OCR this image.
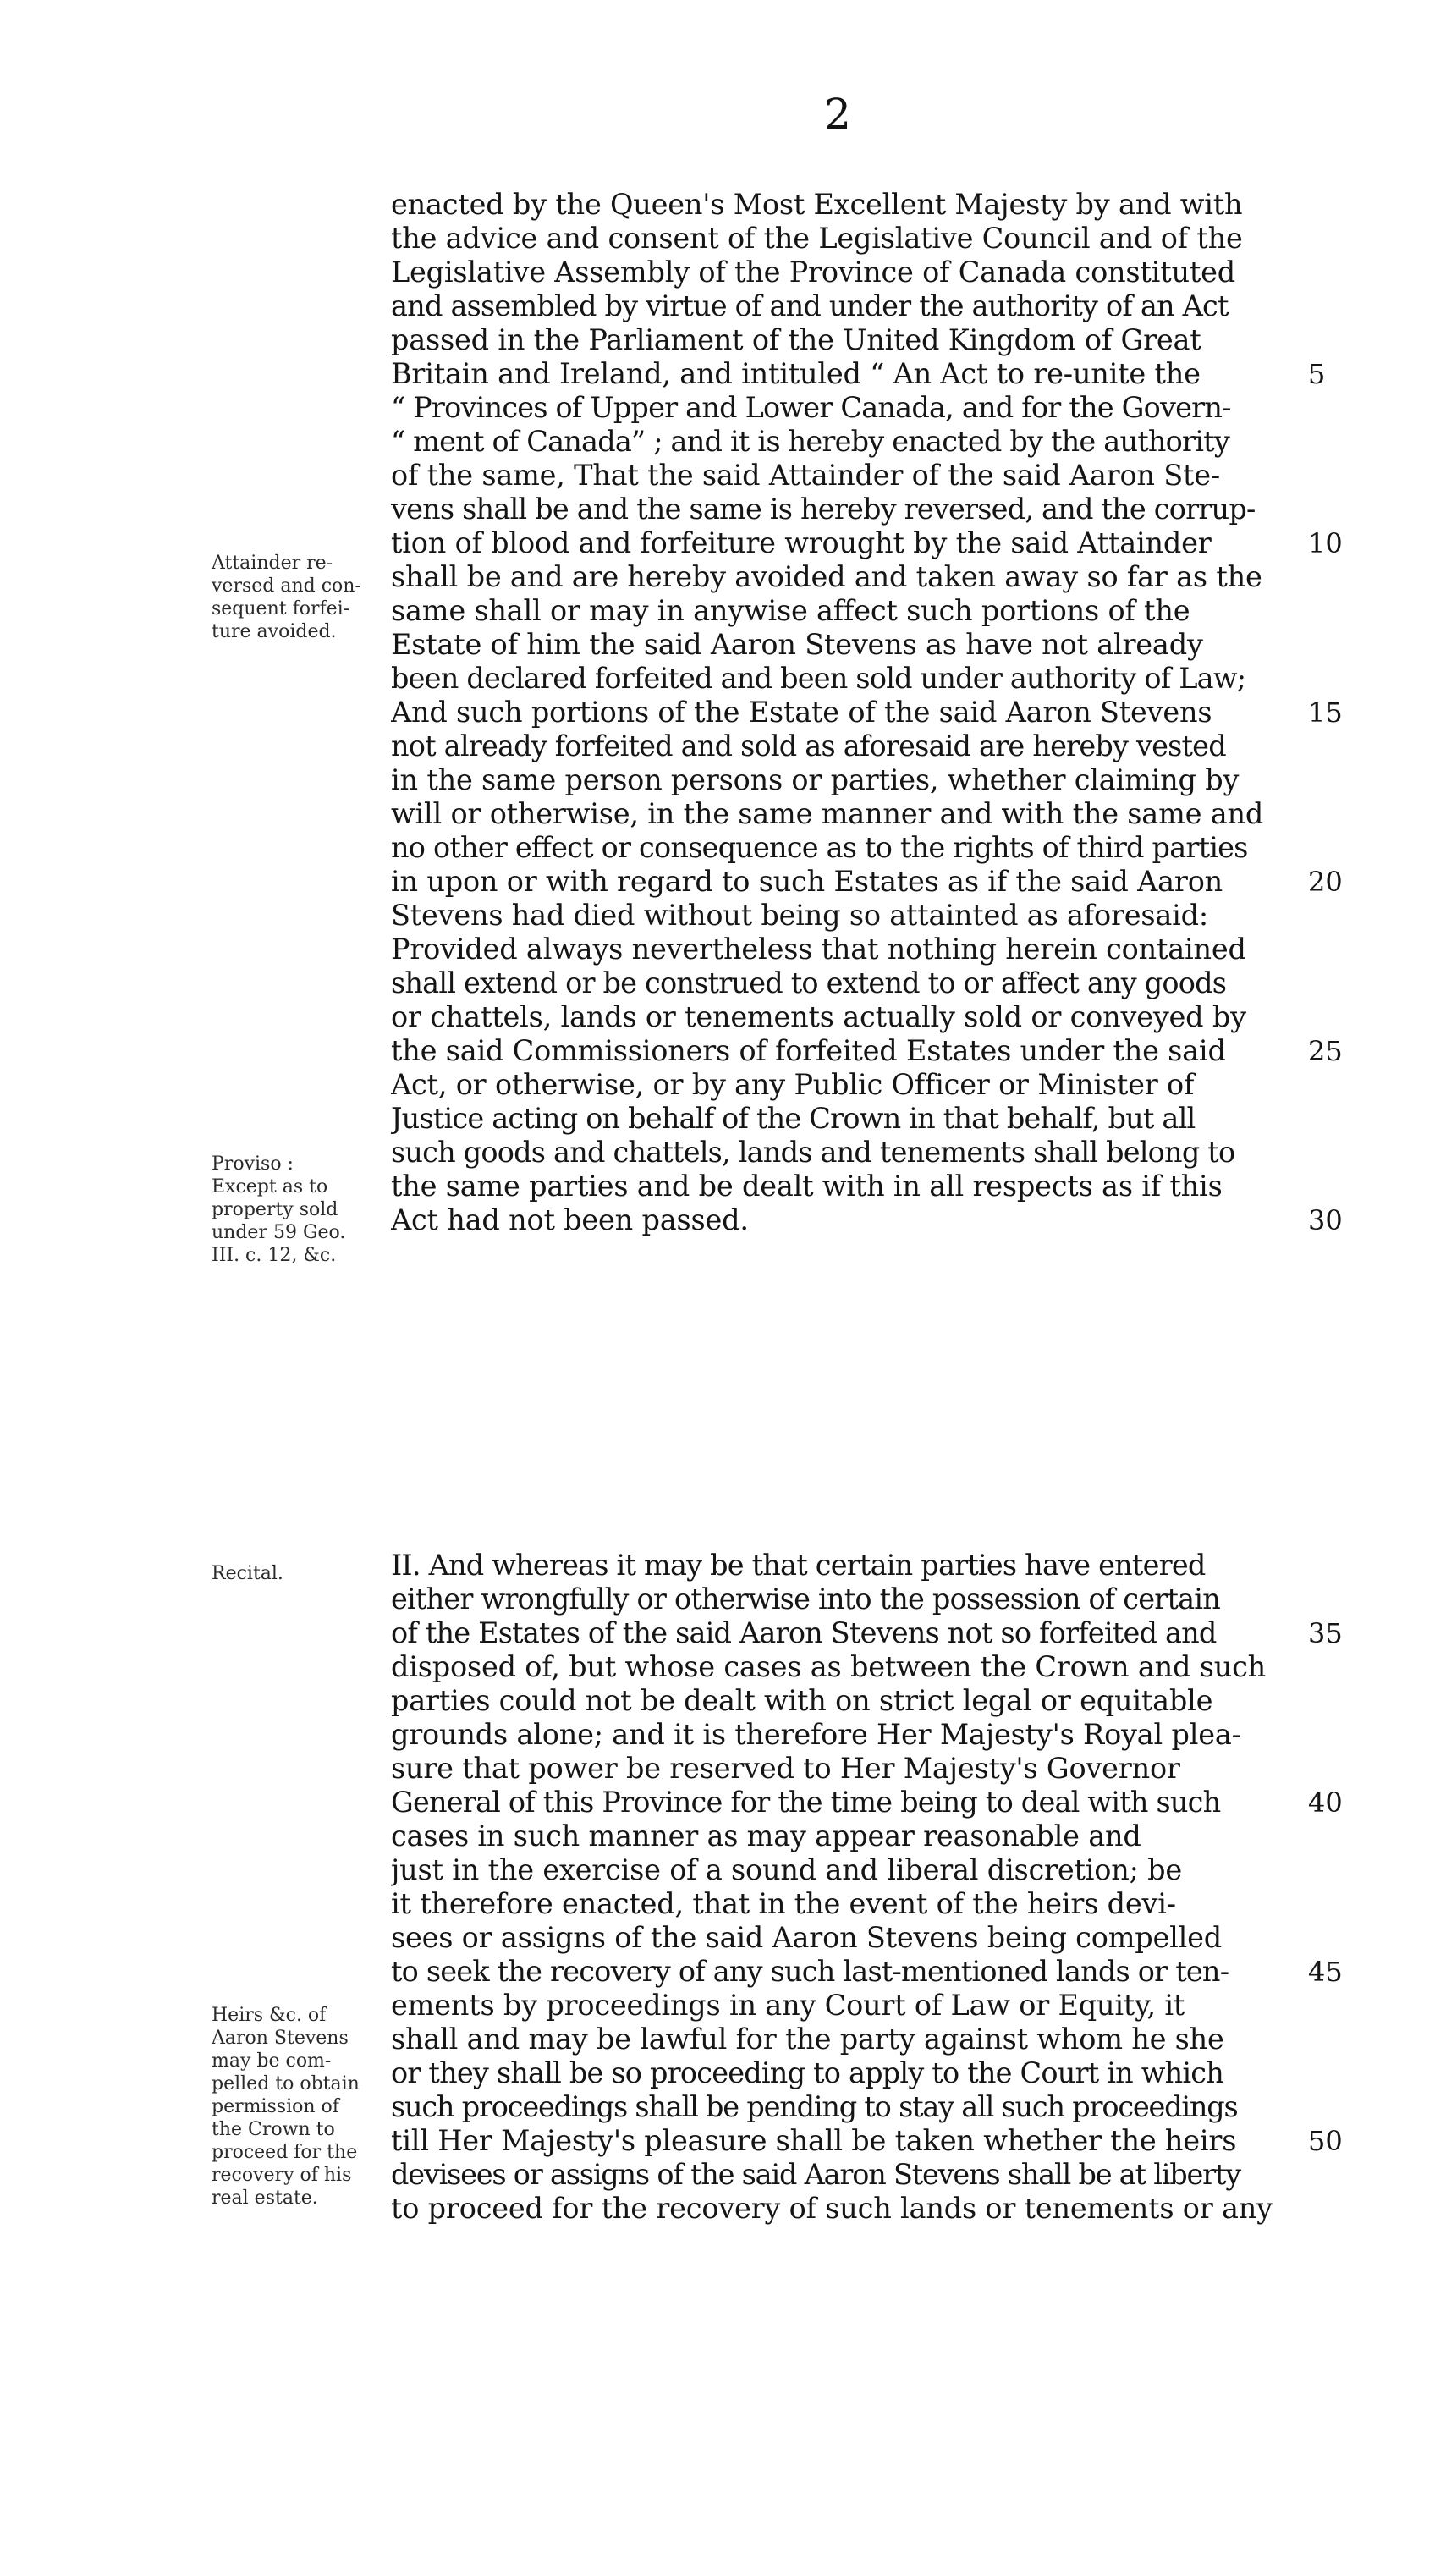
2
enacted by the Queen's Most Excellent Majesty by and with
the advice and consent of the Legislative Council and of the
Legislative Assembly of the Province of Canada constituted
and assembled by virtue of and under the authority of an Act
passed in the Parliament of the United Kingdom of Great
Britain and Ireland, and intituled “ An Act to re-unite the
“ Provinces of Upper and Lower Canada, and for the Govern-
“ ment of Canada” ; and it is hereby enacted by the authority
of the same, That the said Attainder of the said Aaron Ste-
vens shall be and the same is hereby reversed, and the corrup-
tion of blood and forfeiture wrought by the said Attainder
shall be and are hereby avoided and taken away so far as the
same shall or may in anywise affect such portions of the
Estate of him the said Aaron Stevens as have not already
been declared forfeited and been sold under authority of Law;
And such portions of the Estate of the said Aaron Stevens
not already forfeited and sold as aforesaid are hereby vested
in the same person persons or parties, whether claiming by
will or otherwise, in the same manner and with the same and
no other effect or consequence as to the rights of third parties
in upon or with regard to such Estates as if the said Aaron
Stevens had died without being so attainted as aforesaid:
Provided always nevertheless that nothing herein contained
shall extend or be construed to extend to or affect any goods
or chattels, lands or tenements actually sold or conveyed by
the said Commissioners of forfeited Estates under the said
Act, or otherwise, or by any Public Officer or Minister of
Justice acting on behalf of the Crown in that behalf, but all
such goods and chattels, lands and tenements shall belong to
the same parties and be dealt with in all respects as if this
Act had not been passed.
II. And whereas it may be that certain parties have entered
either wrongfully or otherwise into the possession of certain
of the Estates of the said Aaron Stevens not so forfeited and
disposed of, but whose cases as between the Crown and such
parties could not be dealt with on strict legal or equitable
grounds alone; and it is therefore Her Majesty's Royal plea-
sure that power be reserved to Her Majesty's Governor
General of this Province for the time being to deal with such
cases in such manner as may appear reasonable and
just in the exercise of a sound and liberal discretion; be
it therefore enacted, that in the event of the heirs devi-
sees or assigns of the said Aaron Stevens being compelled
to seek the recovery of any such last-mentioned lands or ten-
ements by proceedings in any Court of Law or Equity, it
shall and may be lawful for the party against whom he she
or they shall be so proceeding to apply to the Court in which
such proceedings shall be pending to stay all such proceedings
till Her Majesty's pleasure shall be taken whether the heirs
devisees or assigns of the said Aaron Stevens shall be at liberty
to proceed for the recovery of such lands or tenements or any
5
10
15
20
25
30
35
40
45
50
Attainder re-
versed and con-
sequent forfei-
ture avoided.
Proviso :
Except as to
property sold
under 59 Geo.
III. c. 12, &c.
Recital.
Heirs &c. of
Aaron Stevens
may be com-
pelled to obtain
permission of
the Crown to
proceed for the
recovery of his
real estate.
